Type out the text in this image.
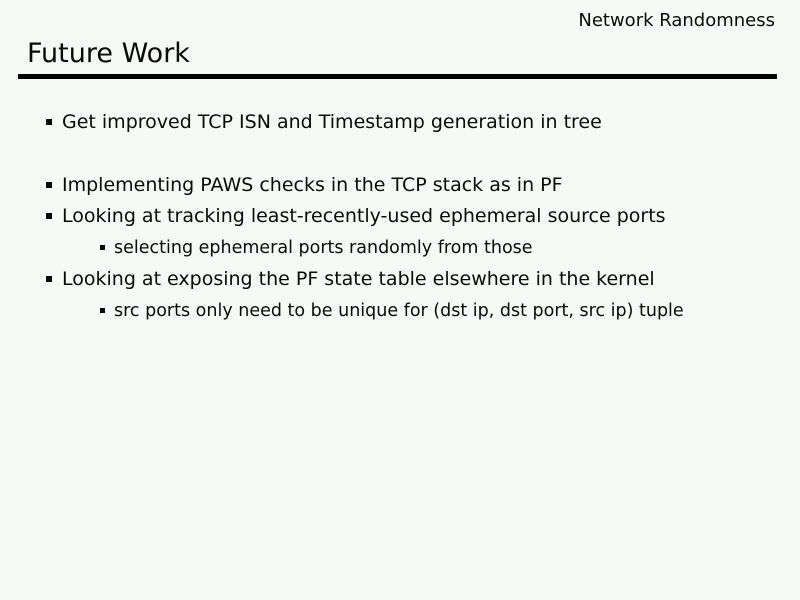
Network Randomness
Future Work
Get improved TCP ISN and Timestamp generation in tree
Implementing PAWS checks in the TCP stack as in PF
Looking at tracking least-recently-used ephemeral source ports
selecting ephemeral ports randomly from those
Looking at exposing the PF state table elsewhere in the kernel
src ports only need to be unique for (dst ip, dst port, src ip) tuple
